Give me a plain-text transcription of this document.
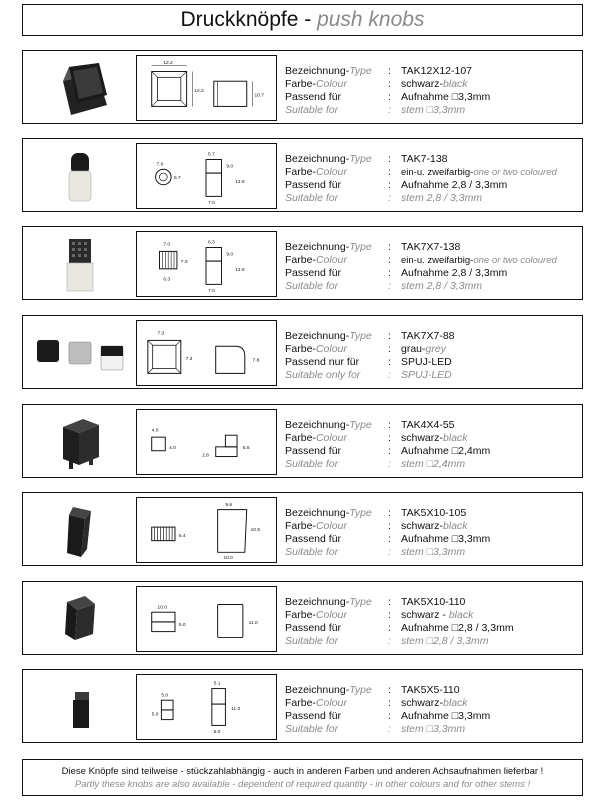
Druckknöpfe - push knobs
12.2
12.2
10.7
Bezeichnung-Type : TAK12X12-107
Farbe-Colour	: schwarz-black
Passend für	: Aufnahme □3,3mm
Suitable for	: stem □3,3mm
7.0
5.7
5.7
9.0
13.8
7.0
Bezeichnung-Type : TAK7-138
Farbe-Colour	: ein-u. zweifarbig-one or two coloured
Passend für	: Aufnahme 2,8 / 3,3mm
Suitable for	: stem 2,8 / 3,3mm
7.0
7.0
6.3
6.3
9.0
13.8
7.0
Bezeichnung-Type : TAK7X7-138
Farbe-Colour	: ein-u. zweifarbig-one or two coloured
Passend für	: Aufnahme 2,8 / 3,3mm
Suitable for	: stem 2,8 / 3,3mm
7.3
7.3	7.8
Bezeichnung-Type : TAK7X7-88
Farbe-Colour	: grau-grey
Passend nur für	: SPUJ-LED
Suitable only for	: SPUJ-LED
4.0
4.0
2.8
5.5
Bezeichnung-Type : TAK4X4-55
Farbe-Colour	: schwarz-black
Passend für	: Aufnahme □2,4mm
Suitable for	: stem □2,4mm
5.4
9.6
10.5
10.0
Bezeichnung-Type : TAK5X10-105
Farbe-Colour	: schwarz-black
Passend für	: Aufnahme □3,3mm
Suitable for	: stem □3,3mm
10.0
5.0	11.0
Bezeichnung-Type : TAK5X10-110
Farbe-Colour	: schwarz - black
Passend für	: Aufnahme □2,8 / 3,3mm
Suitable for	: stem □2,8 / 3,3mm
5.0
5.0
5.1
11.0
5.0
Bezeichnung-Type : TAK5X5-110
Farbe-Colour	: schwarz-black
Passend für	: Aufnahme □3,3mm
Suitable for	: stem □3,3mm
Diese Knöpfe sind teilweise - stückzahlabhängig - auch in anderen Farben und anderen Achsaufnahmen lieferbar !
Partly these knobs are also available - dependent of required quantity - in other colours and for other stems !
